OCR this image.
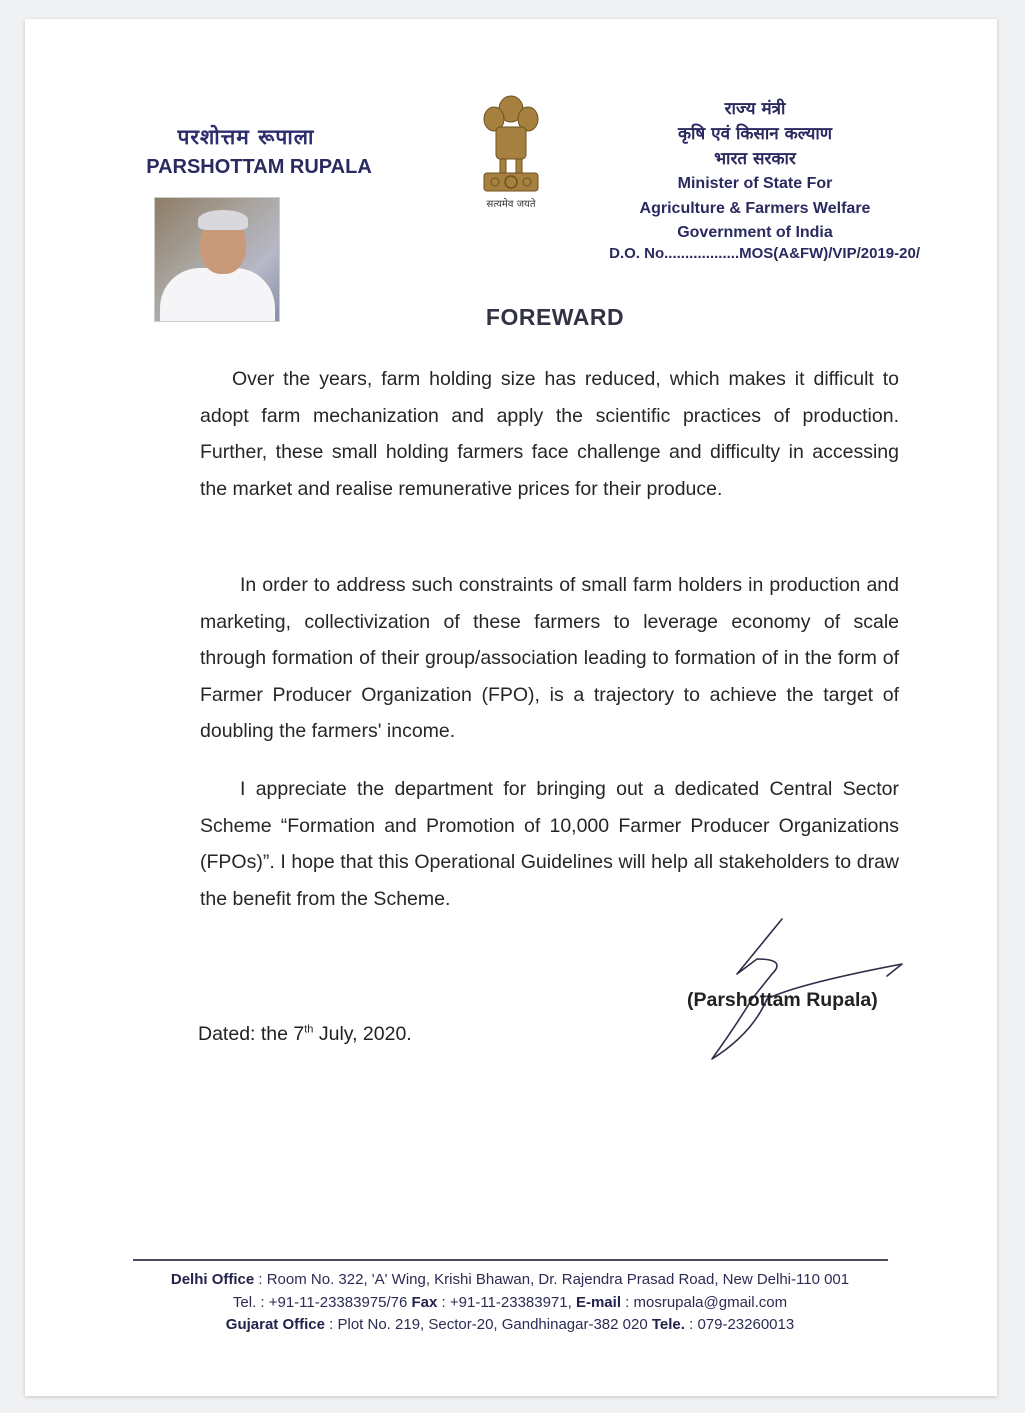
परशोत्तम रूपाला
PARSHOTTAM RUPALA
सत्यमेव जयते
राज्य मंत्री
कृषि एवं किसान कल्याण
भारत सरकार
Minister of State For
Agriculture & Farmers Welfare
Government of India
D.O. No..................MOS(A&FW)/VIP/2019-20/
FOREWARD

Over the years, farm holding size has reduced, which makes it difficult to adopt farm mechanization and apply the scientific practices of production. Further, these small holding farmers face challenge and difficulty in accessing the market and realise remunerative prices for their produce.

In order to address such constraints of small farm holders in production and marketing, collectivization of these farmers to leverage economy of scale through formation of their group/association leading to formation of in the form of Farmer Producer Organization (FPO), is a trajectory to achieve the target of doubling the farmers' income.

I appreciate the department for bringing out a dedicated Central Sector Scheme “Formation and Promotion of 10,000 Farmer Producer Organizations (FPOs)”. I hope that this Operational Guidelines will help all stakeholders to draw the benefit from the Scheme.

(Parshottam Rupala)
Dated: the 7th July, 2020.
Delhi Office : Room No. 322, 'A' Wing, Krishi Bhawan, Dr. Rajendra Prasad Road, New Delhi-110 001
Tel. : +91-11-23383975/76 Fax : +91-11-23383971, E-mail : mosrupala@gmail.com
Gujarat Office : Plot No. 219, Sector-20, Gandhinagar-382 020 Tele. : 079-23260013
